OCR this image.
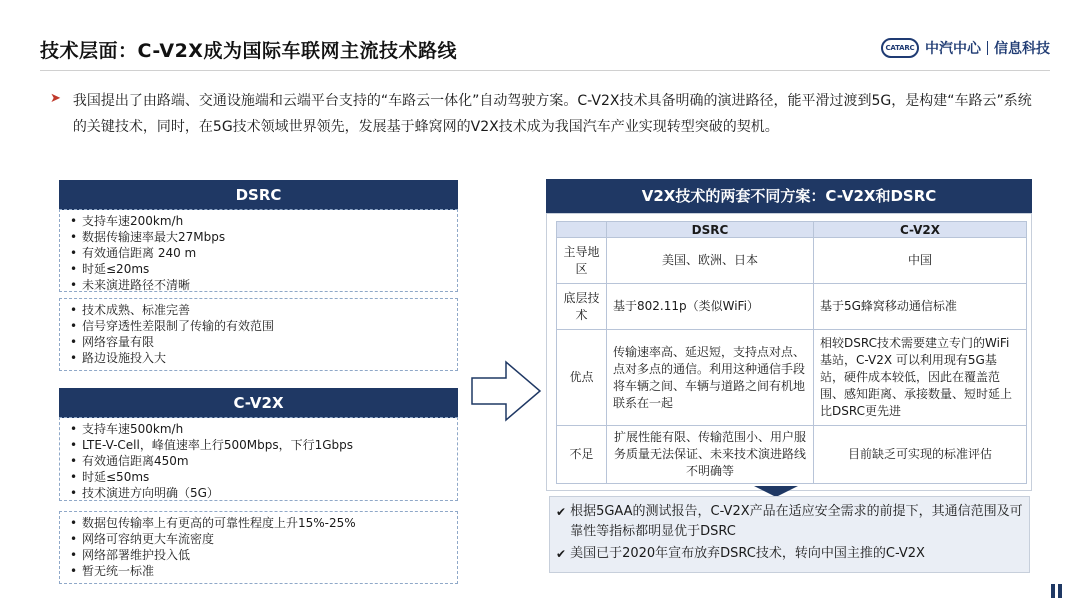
技术层面：C-V2X成为国际车联网主流技术路线	CATARC 中汽中心 信息科技
➤ 我国提出了由路端、交通设施端和云端平台支持的“车路云一体化”自动驾驶方案。C-V2X技术具备明确的演进路径，能平滑过渡到5G，是构建“车路云”系统的关键技术，同时，在5G技术领域世界领先，发展基于蜂窝网的V2X技术成为我国汽车产业实现转型突破的契机。

DSRC
• 支持车速200km/h
• 数据传输速率最大27Mbps
• 有效通信距离 240 m
• 时延≤20ms
• 未来演进路径不清晰
• 技术成熟、标准完善
• 信号穿透性差限制了传输的有效范围
• 网络容量有限
• 路边设施投入大
C-V2X
• 支持车速500km/h
• LTE-V-Cell，峰值速率上行500Mbps，下行1Gbps
• 有效通信距离450m
• 时延≤50ms
• 技术演进方向明确（5G）
• 数据包传输率上有更高的可靠性程度上升15%-25%
• 网络可容纳更大车流密度
• 网络部署维护投入低
• 暂无统一标准
V2X技术的两套不同方案：C-V2X和DSRC
	DSRC	C-V2X
主导地区	美国、欧洲、日本	中国
底层技术	基于802.11p（类似WiFi）	基于5G蜂窝移动通信标准
优点	传输速率高、延迟短，支持点对点、点对多点的通信。利用这种通信手段将车辆之间、车辆与道路之间有机地联系在一起	相较DSRC技术需要建立专门的WiFi基站，C-V2X 可以利用现有5G基站，硬件成本较低，因此在覆盖范围、感知距离、承接数量、短时延上比DSRC更先进
不足	扩展性能有限、传输范围小、用户服务质量无法保证、未来技术演进路线不明确等	目前缺乏可实现的标准评估
✔ 根据5GAA的测试报告，C-V2X产品在适应安全需求的前提下，其通信范围及可靠性等指标都明显优于DSRC
✔ 美国已于2020年宣布放弃DSRC技术，转向中国主推的C-V2X
